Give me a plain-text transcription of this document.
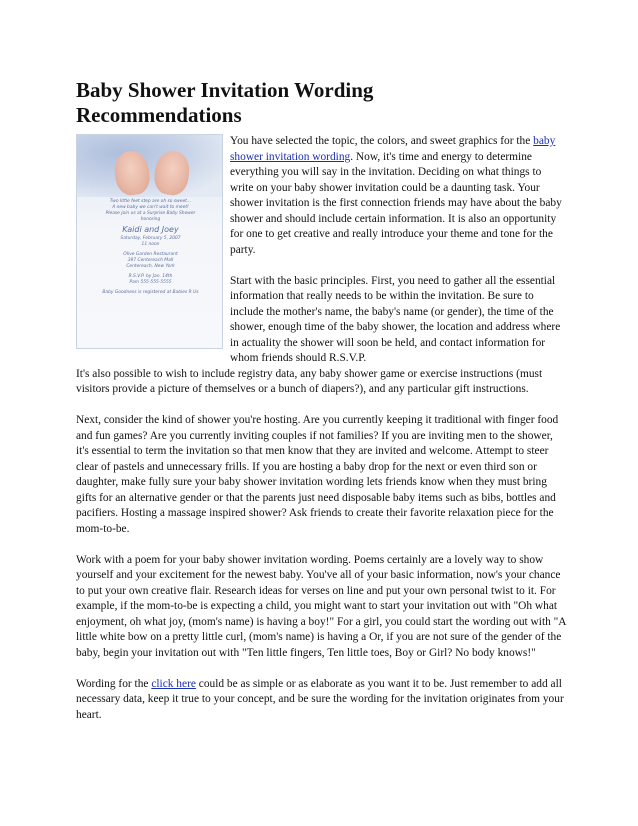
Baby Shower Invitation Wording
Recommendations
Two little feet step are oh so sweet...
A new baby we can't wait to meet!
Please join us at a Surprise Baby Shower
honoring
Kaidi and Joey
Saturday, February 5, 2007
11 noon
Olive Garden Restaurant
387 Centereach Mall
Centereach, New York
R.S.V.P. by Jan. 14th
Pam 555-555-5555
Baby Goodness is registered at Babies R Us

You have selected the topic, the colors, and sweet graphics for the baby shower invitation wording. Now, it's time and energy to determine everything you will say in the invitation. Deciding on what things to write on your baby shower invitation could be a daunting task. Your shower invitation is the first connection friends may have about the baby shower and should include certain information. It is also an opportunity for one to get creative and really introduce your theme and tone for the party.

Start with the basic principles. First, you need to gather all the essential information that really needs to be within the invitation. Be sure to include the mother's name, the baby's name (or gender), the time of the shower, enough time of the baby shower, the location and address where in actuality the shower will soon be held, and contact information for whom friends should R.S.V.P.

It's also possible to wish to include registry data, any baby shower game or exercise instructions (must visitors provide a picture of themselves or a bunch of diapers?), and any particular gift instructions.

Next, consider the kind of shower you're hosting. Are you currently keeping it traditional with finger food and fun games? Are you currently inviting couples if not families? If you are inviting men to the shower, it's essential to term the invitation so that men know that they are invited and welcome. Attempt to steer clear of pastels and unnecessary frills. If you are hosting a baby drop for the next or even third son or daughter, make fully sure your baby shower invitation wording lets friends know when they must bring gifts for an alternative gender or that the parents just need disposable baby items such as bibs, bottles and pacifiers. Hosting a massage inspired shower? Ask friends to create their favorite relaxation piece for the mom-to-be.

Work with a poem for your baby shower invitation wording. Poems certainly are a lovely way to show yourself and your excitement for the newest baby. You've all of your basic information, now's your chance to put your own creative flair. Research ideas for verses on line and put your own personal twist to it. For example, if the mom-to-be is expecting a child, you might want to start your invitation out with "Oh what enjoyment, oh what joy, (mom's name) is having a boy!" For a girl, you could start the wording out with "A little white bow on a pretty little curl, (mom's name) is having a Or, if you are not sure of the gender of the baby, begin your invitation out with "Ten little fingers, Ten little toes, Boy or Girl? No body knows!"

Wording for the click here could be as simple or as elaborate as you want it to be. Just remember to add all necessary data, keep it true to your concept, and be sure the wording for the invitation originates from your heart.
